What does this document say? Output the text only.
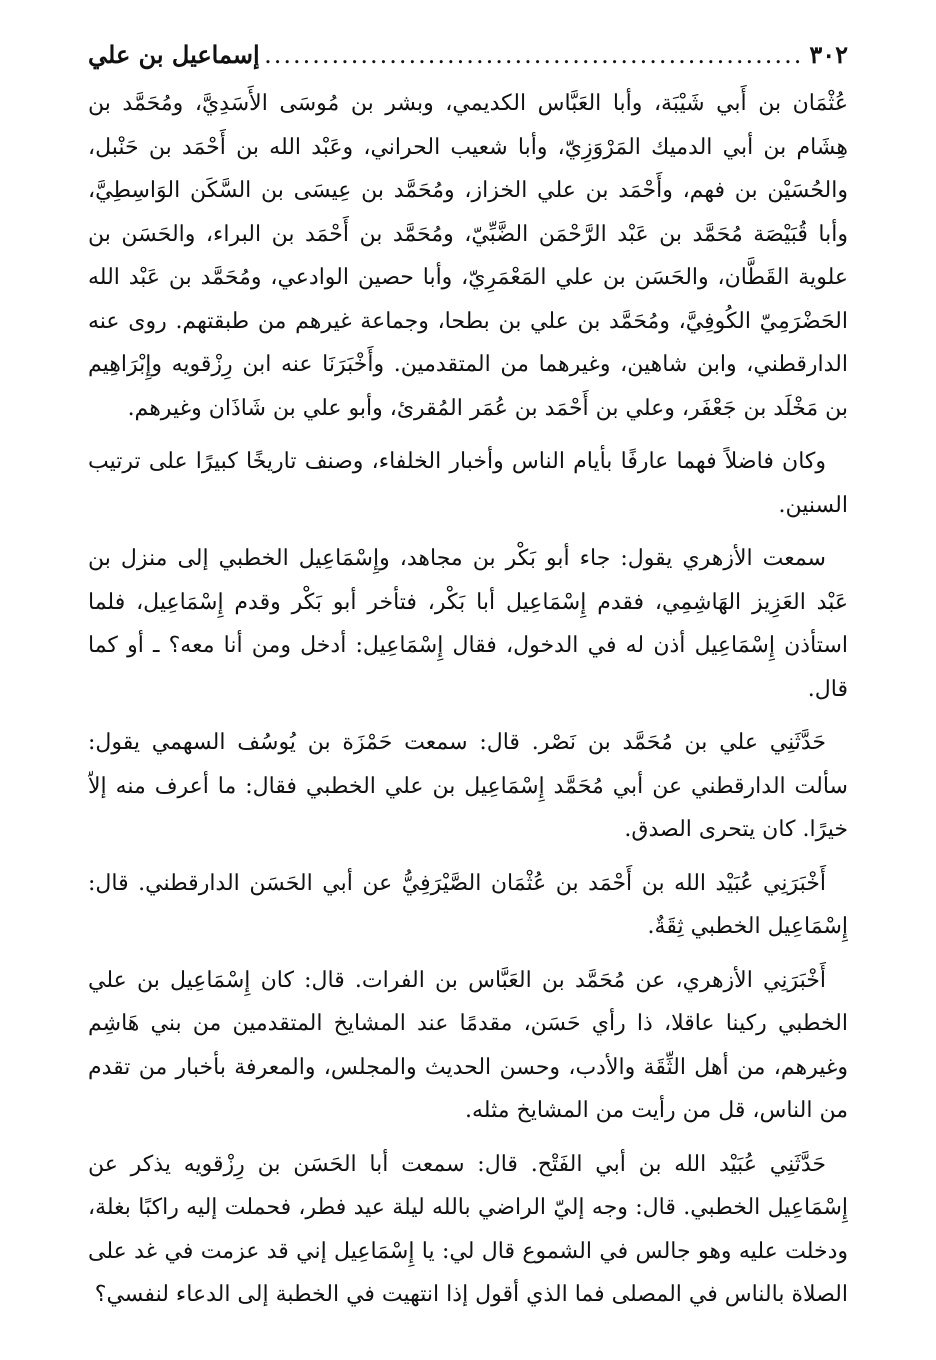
٣٠٢
.....
إسماعيل بن علي

عُثْمَان بن أَبي شَيْبَة، وأبا العَبَّاس الكديمي، وبشر بن مُوسَى الأَسَدِيَّ، ومُحَمَّد بن هِشَام بن أبي الدميك المَرْوَزِيّ، وأبا شعيب الحراني، وعَبْد الله بن أَحْمَد بن حَنْبل، والحُسَيْن بن فهم، وأَحْمَد بن علي الخزاز، ومُحَمَّد بن عِيسَى بن السَّكَن الوَاسِطِيَّ، وأبا قُبَيْصَة مُحَمَّد بن عَبْد الرَّحْمَن الضَّبِّيّ، ومُحَمَّد بن أَحْمَد بن البراء، والحَسَن بن علوية القَطَّان، والحَسَن بن علي المَعْمَرِيّ، وأبا حصين الوادعي، ومُحَمَّد بن عَبْد الله الحَضْرَمِيّ الكُوفِيَّ، ومُحَمَّد بن علي بن بطحا، وجماعة غيرهم من طبقتهم. روى عنه الدارقطني، وابن شاهين، وغيرهما من المتقدمين. وأَخْبَرَنَا عنه ابن رِزْقويه وإِبْرَاهِيم بن مَخْلَد بن جَعْفَر، وعلي بن أَحْمَد بن عُمَر المُقرئ، وأبو علي بن شَاذَان وغيرهم.

وكان فاضلاً فهما عارفًا بأيام الناس وأخبار الخلفاء، وصنف تاريخًا كبيرًا على ترتيب السنين.

سمعت الأزهري يقول: جاء أبو بَكْر بن مجاهد، وإِسْمَاعِيل الخطبي إلى منزل بن عَبْد العَزِيز الهَاشِمِي، فقدم إِسْمَاعِيل أبا بَكْر، فتأخر أبو بَكْر وقدم إِسْمَاعِيل، فلما استأذن إِسْمَاعِيل أذن له في الدخول، فقال إِسْمَاعِيل: أدخل ومن أنا معه؟ ـ أو كما قال.

حَدَّثَنِي علي بن مُحَمَّد بن نَصْر. قال: سمعت حَمْزَة بن يُوسُف السهمي يقول: سألت الدارقطني عن أبي مُحَمَّد إِسْمَاعِيل بن علي الخطبي فقال: ما أعرف منه إلاّ خيرًا. كان يتحرى الصدق.

أَخْبَرَنِي عُبَيْد الله بن أَحْمَد بن عُثْمَان الصَّيْرَفِيُّ عن أبي الحَسَن الدارقطني. قال: إِسْمَاعِيل الخطبي ثِقَةٌ.

أَخْبَرَنِي الأزهري، عن مُحَمَّد بن العَبَّاس بن الفرات. قال: كان إِسْمَاعِيل بن علي الخطبي ركينا عاقلا، ذا رأي حَسَن، مقدمًا عند المشايخ المتقدمين من بني هَاشِم وغيرهم، من أهل الثِّقَة والأدب، وحسن الحديث والمجلس، والمعرفة بأخبار من تقدم من الناس، قل من رأيت من المشايخ مثله.

حَدَّثَنِي عُبَيْد الله بن أبي الفَتْح. قال: سمعت أبا الحَسَن بن رِزْقويه يذكر عن إِسْمَاعِيل الخطبي. قال: وجه إليّ الراضي بالله ليلة عيد فطر، فحملت إليه راكبًا بغلة، ودخلت عليه وهو جالس في الشموع قال لي: يا إِسْمَاعِيل إني قد عزمت في غد على الصلاة بالناس في المصلى فما الذي أقول إذا انتهيت في الخطبة إلى الدعاء لنفسي؟
